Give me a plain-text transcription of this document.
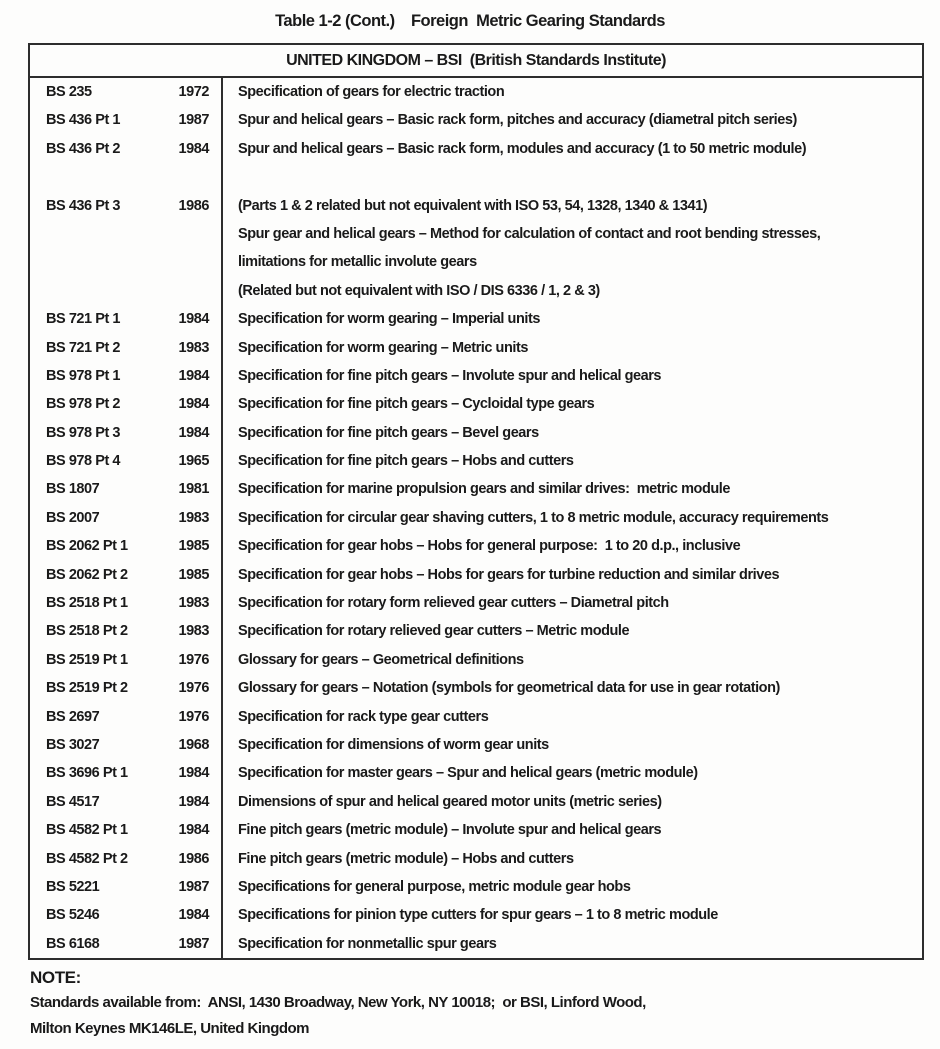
Table 1-2 (Cont.)    Foreign  Metric Gearing Standards
UNITED KINGDOM – BSI  (British Standards Institute)
BS 235	1972	Specification of gears for electric traction
BS 436 Pt 1	1987	Spur and helical gears – Basic rack form, pitches and accuracy (diametral pitch series)
BS 436 Pt 2	1984	Spur and helical gears – Basic rack form, modules and accuracy (1 to 50 metric module)
BS 436 Pt 3	1986	(Parts 1 & 2 related but not equivalent with ISO 53, 54, 1328, 1340 & 1341)
Spur gear and helical gears – Method for calculation of contact and root bending stresses,
limitations for metallic involute gears
(Related but not equivalent with ISO / DIS 6336 / 1, 2 & 3)
BS 721 Pt 1	1984	Specification for worm gearing – Imperial units
BS 721 Pt 2	1983	Specification for worm gearing – Metric units
BS 978 Pt 1	1984	Specification for fine pitch gears – Involute spur and helical gears
BS 978 Pt 2	1984	Specification for fine pitch gears – Cycloidal type gears
BS 978 Pt 3	1984	Specification for fine pitch gears – Bevel gears
BS 978 Pt 4	1965	Specification for fine pitch gears – Hobs and cutters
BS 1807	1981	Specification for marine propulsion gears and similar drives:  metric module
BS 2007	1983	Specification for circular gear shaving cutters, 1 to 8 metric module, accuracy requirements
BS 2062 Pt 1	1985	Specification for gear hobs – Hobs for general purpose:  1 to 20 d.p., inclusive
BS 2062 Pt 2	1985	Specification for gear hobs – Hobs for gears for turbine reduction and similar drives
BS 2518 Pt 1	1983	Specification for rotary form relieved gear cutters – Diametral pitch
BS 2518 Pt 2	1983	Specification for rotary relieved gear cutters – Metric module
BS 2519 Pt 1	1976	Glossary for gears – Geometrical definitions
BS 2519 Pt 2	1976	Glossary for gears – Notation (symbols for geometrical data for use in gear rotation)
BS 2697	1976	Specification for rack type gear cutters
BS 3027	1968	Specification for dimensions of worm gear units
BS 3696 Pt 1	1984	Specification for master gears – Spur and helical gears (metric module)
BS 4517	1984	Dimensions of spur and helical geared motor units (metric series)
BS 4582 Pt 1	1984	Fine pitch gears (metric module) – Involute spur and helical gears
BS 4582 Pt 2	1986	Fine pitch gears (metric module) – Hobs and cutters
BS 5221	1987	Specifications for general purpose, metric module gear hobs
BS 5246	1984	Specifications for pinion type cutters for spur gears – 1 to 8 metric module
BS 6168	1987	Specification for nonmetallic spur gears
NOTE:
Standards available from:  ANSI, 1430 Broadway, New York, NY 10018;  or BSI, Linford Wood,
Milton Keynes MK146LE, United Kingdom
